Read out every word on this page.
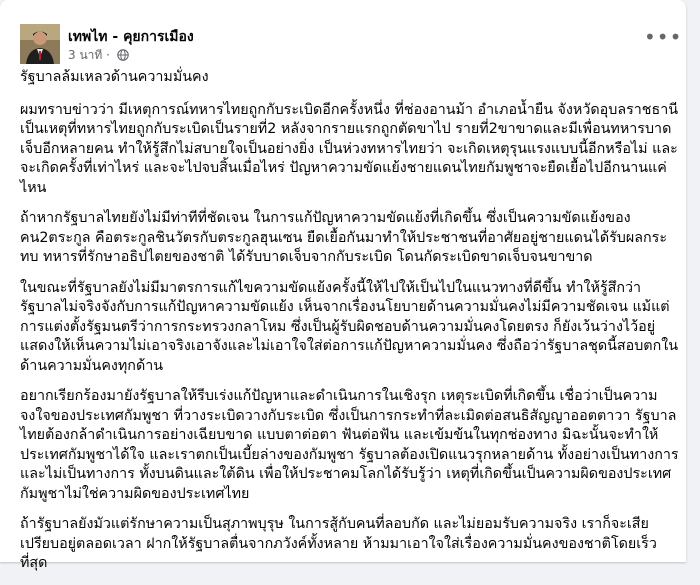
เทพไท - คุยการเมือง
3 นาที ·
•••

รัฐบาลล้มเหลวด้านความมั่นคง

ผมทราบข่าวว่า มีเหตุการณ์ทหารไทยถูกกับระเบิดอีกครั้งหนึ่ง ที่ช่องอานม้า อำเภอน้ำยืน จังหวัดอุบลราชธานี เป็นเหตุที่ทหารไทยถูกกับระเบิดเป็นรายที่2 หลังจากรายแรกถูกตัดขาไป รายที่2ขาขาดและมีเพื่อนทหารบาดเจ็บอีกหลายคน ทำให้รู้สึกไม่สบายใจเป็นอย่างยิ่ง เป็นห่วงทหารไทยว่า จะเกิดเหตุรุนแรงแบบนี้อีกหรือไม่ และจะเกิดครั้งที่เท่าไหร่ และจะไปจบสิ้นเมื่อไหร่ ปัญหาความขัดแย้งชายแดนไทยกัมพูชาจะยืดเยื้อไปอีกนานแค่ไหน

ถ้าหากรัฐบาลไทยยังไม่มีท่าทีที่ชัดเจน ในการแก้ปัญหาความขัดแย้งที่เกิดขึ้น ซึ่งเป็นความขัดแย้งของคน2ตระกูล คือตระกูลชินวัตรกับตระกูลฮุนเซน ยืดเยื้อกันมาทำให้ประชาชนที่อาศัยอยู่ชายแดนได้รับผลกระทบ ทหารที่รักษาอธิปไตยของชาติ ได้รับบาดเจ็บจากกับระเบิด โดนกัดระเบิดขาดเจ็บจนขาขาด

ในขณะที่รัฐบาลยังไม่มีมาตรการแก้ไขความขัดแย้งครั้งนี้ให้ไปให้เป็นไปในแนวทางที่ดีขึ้น ทำให้รู้สึกว่ารัฐบาลไม่จริงจังกับการแก้ปัญหาความขัดแย้ง เห็นจากเรื่องนโยบายด้านความมั่นคงไม่มีความชัดเจน แม้แต่การแต่งตั้งรัฐมนตรีว่าการกระทรวงกลาโหม ซึ่งเป็นผู้รับผิดชอบด้านความมั่นคงโดยตรง ก็ยังเว้นว่างไว้อยู่ แสดงให้เห็นความไม่เอาจริงเอาจังและไม่เอาใจใส่ต่อการแก้ปัญหาความมั่นคง ซึ่งถือว่ารัฐบาลชุดนี้สอบตกในด้านความมั่นคงทุกด้าน

อยากเรียกร้องมายังรัฐบาลให้รีบเร่งแก้ปัญหาและดำเนินการในเชิงรุก เหตุระเบิดที่เกิดขึ้น เชื่อว่าเป็นความจงใจของประเทศกัมพูชา ที่วางระเบิดวางกับระเบิด ซึ่งเป็นการกระทำที่ละเมิดต่อสนธิสัญญาออตตาวา รัฐบาลไทยต้องกล้าดำเนินการอย่างเฉียบขาด แบบตาต่อตา ฟันต่อฟัน และเข้มข้นในทุกช่องทาง มิฉะนั้นจะทำให้ประเทศกัมพูชาได้ใจ และเราตกเป็นเบี้ยล่างของกัมพูชา รัฐบาลต้องเปิดแนวรุกหลายด้าน ทั้งอย่างเป็นทางการและไม่เป็นทางการ ทั้งบนดินและใต้ดิน เพื่อให้ประชาคมโลกได้รับรู้ว่า เหตุที่เกิดขึ้นเป็นความผิดของประเทศกัมพูชาไม่ใช่ความผิดของประเทศไทย

ถ้ารัฐบาลยังมัวแต่รักษาความเป็นสุภาพบุรุษ ในการสู้กับคนที่ลอบกัด และไม่ยอมรับความจริง เราก็จะเสียเปรียบอยู่ตลอดเวลา ฝากให้รัฐบาลตื่นจากภวังค์ทั้งหลาย ห้ามมาเอาใจใส่เรื่องความมั่นคงของชาติโดยเร็วที่สุด
